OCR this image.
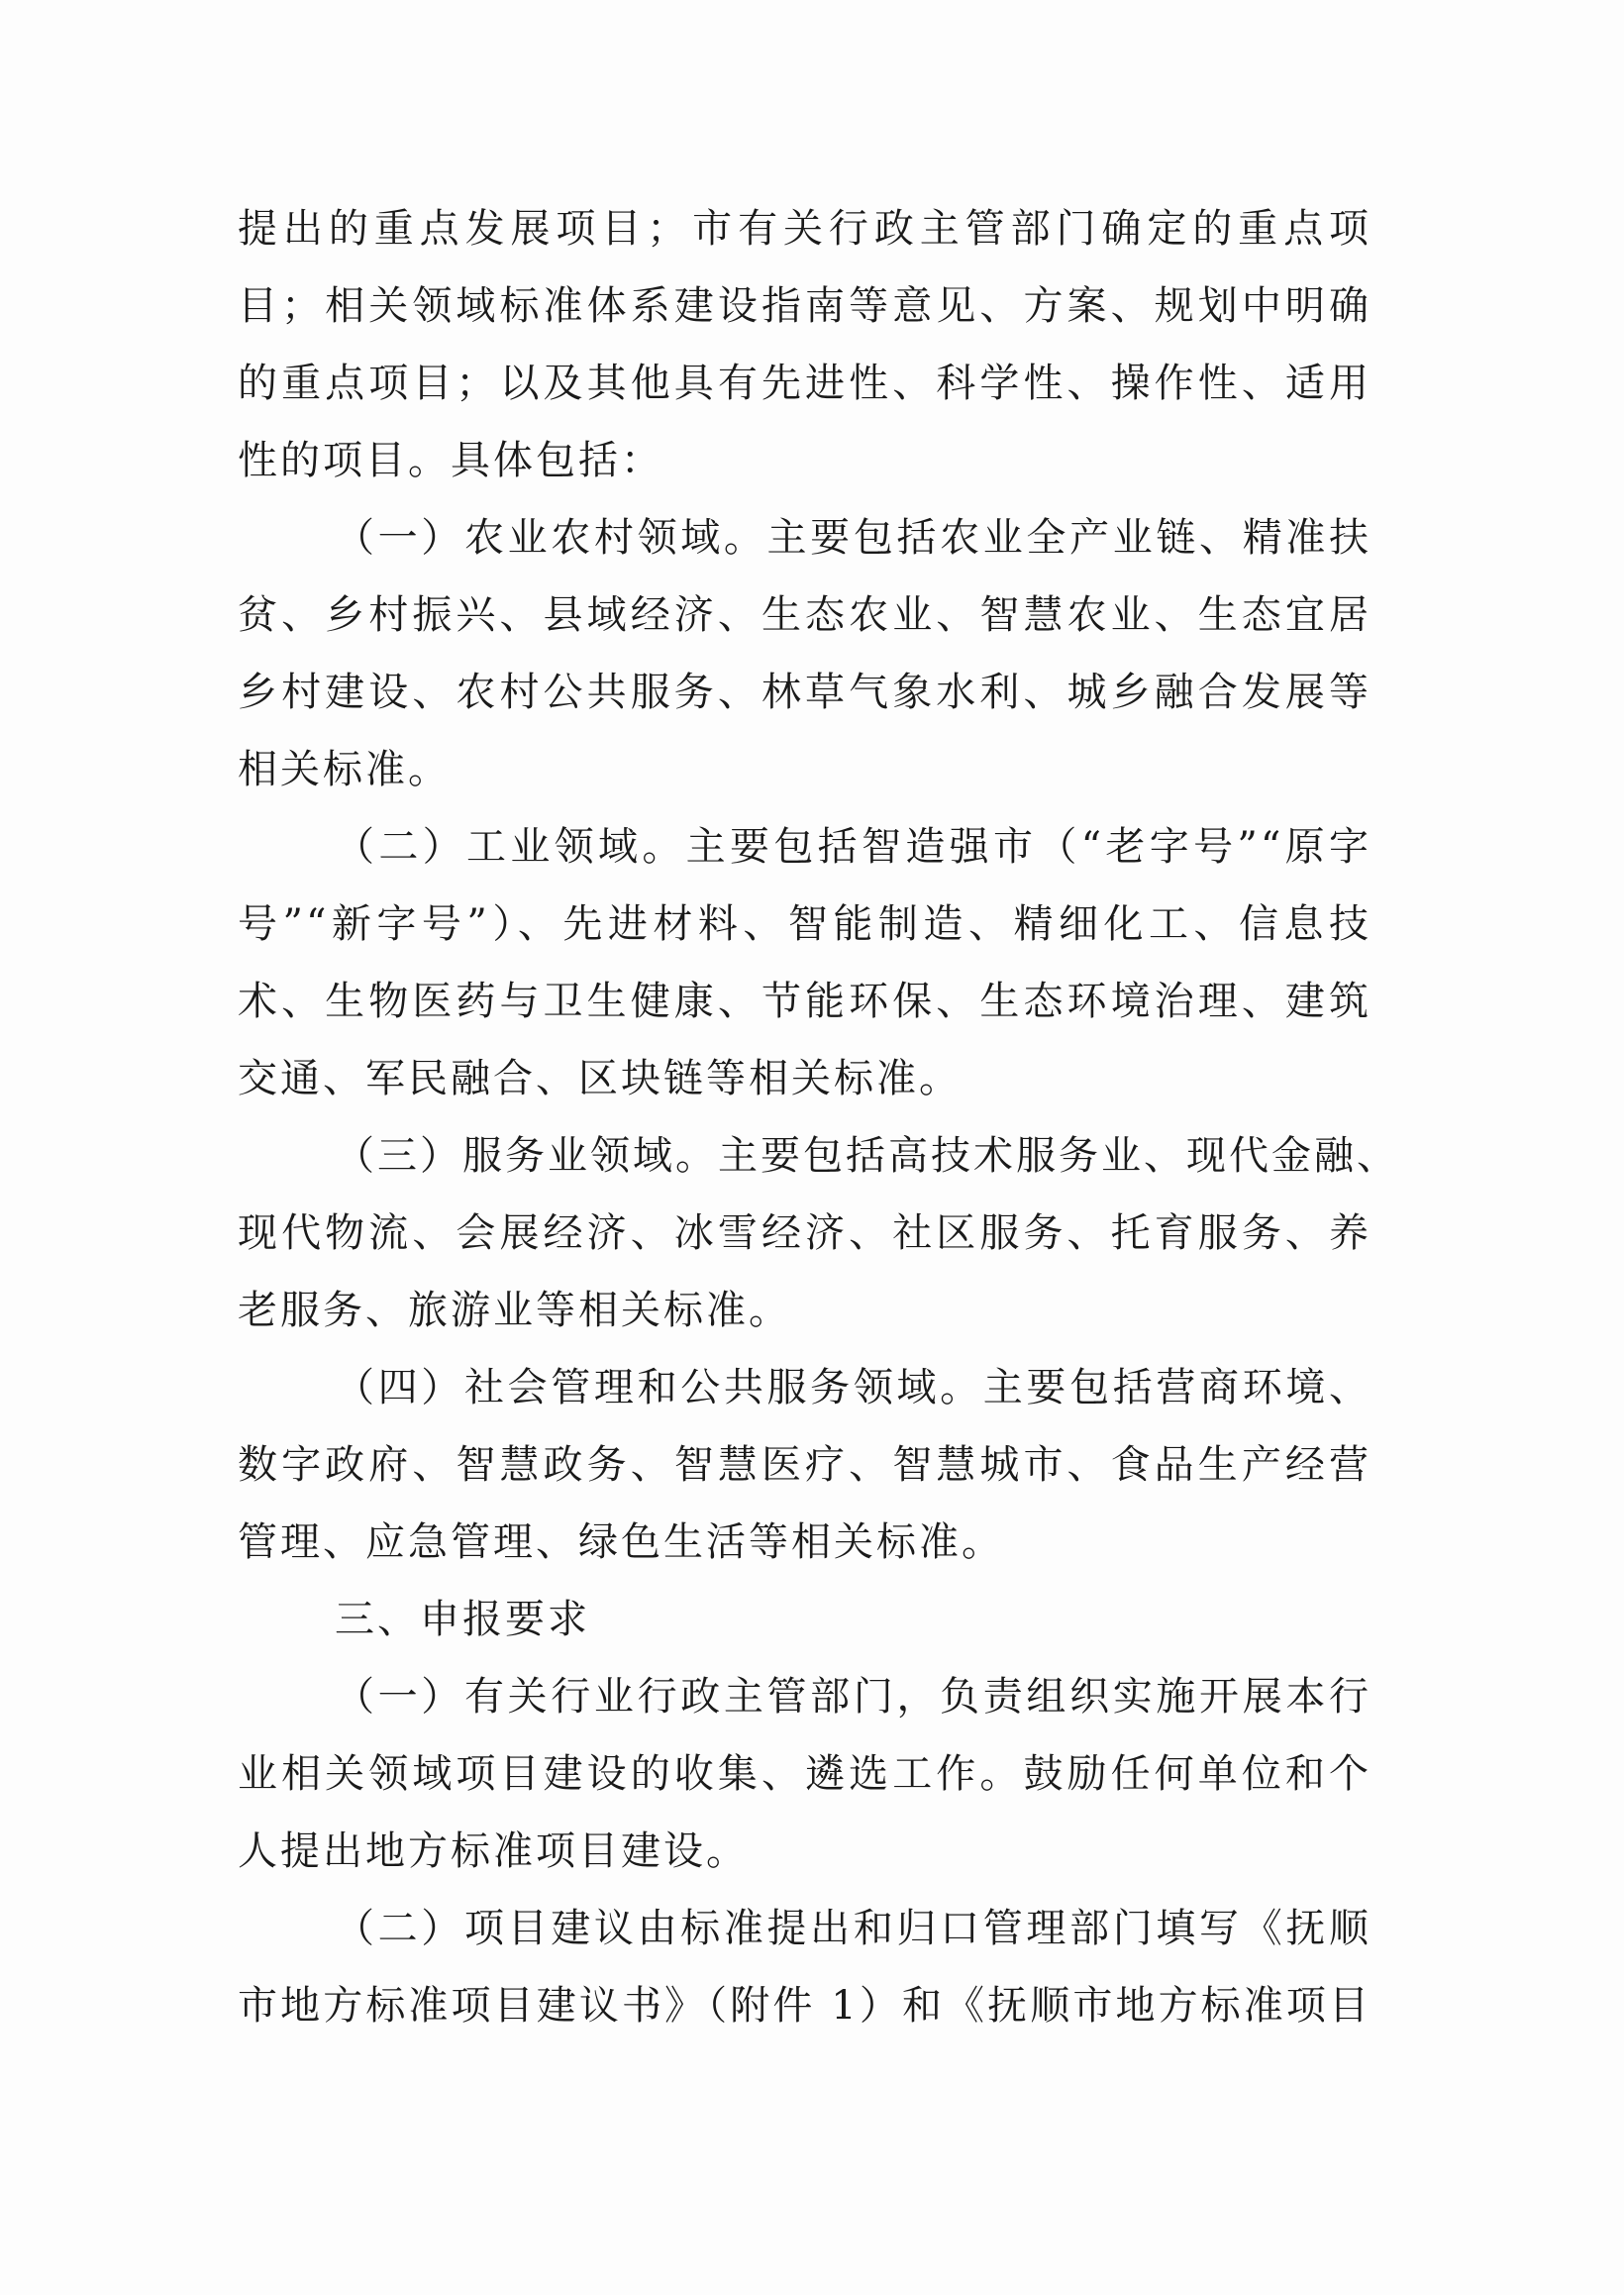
提出的重点发展项目；市有关行政主管部门确定的重点项
目；相关领域标准体系建设指南等意见、方案、规划中明确
的重点项目；以及其他具有先进性、科学性、操作性、适用
性的项目。具体包括：
（一）农业农村领域。主要包括农业全产业链、精准扶
贫、乡村振兴、县域经济、生态农业、智慧农业、生态宜居
乡村建设、农村公共服务、林草气象水利、城乡融合发展等
相关标准。
（二）工业领域。主要包括智造强市（“老字号”“原字
号”“新字号”）、先进材料、智能制造、精细化工、信息技
术、生物医药与卫生健康、节能环保、生态环境治理、建筑
交通、军民融合、区块链等相关标准。
（三）服务业领域。主要包括高技术服务业、现代金融、
现代物流、会展经济、冰雪经济、社区服务、托育服务、养
老服务、旅游业等相关标准。
（四）社会管理和公共服务领域。主要包括营商环境、
数字政府、智慧政务、智慧医疗、智慧城市、食品生产经营
管理、应急管理、绿色生活等相关标准。
三、申报要求
（一）有关行业行政主管部门，负责组织实施开展本行
业相关领域项目建设的收集、遴选工作。鼓励任何单位和个
人提出地方标准项目建设。
（二）项目建议由标准提出和归口管理部门填写《抚顺
市地方标准项目建议书》（附件 1）和《抚顺市地方标准项目
